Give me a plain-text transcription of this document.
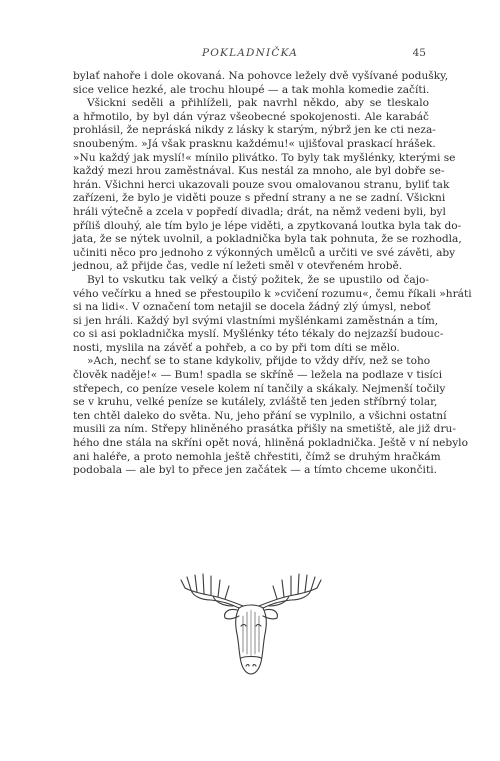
POKLADNIČKA	45
bylať nahoře i dole okovaná. Na pohovce ležely dvě vyšívané podušky,
sice velice hezké, ale trochu hloupé — a tak mohla komedie začíti.
Všickni seděli a přihlíželi, pak navrhl někdo, aby se tleskalo
a hřmotilo, by byl dán výraz všeobecné spokojenosti. Ale karabáč
prohlásil, že nepráská nikdy z lásky k starým, nýbrž jen ke cti neza-
snoubeným. »Já však prasknu každému!« ujišťoval praskací hrášek.
»Nu každý jak myslí!« mínilo plivátko. To byly tak myšlénky, kterými se
každý mezi hrou zaměstnával. Kus nestál za mnoho, ale byl dobře se-
hrán. Všichni herci ukazovali pouze svou omalovanou stranu, byliť tak
zařízeni, že bylo je viděti pouze s přední strany a ne se zadní. Všickni
hráli výtečně a zcela v popředí divadla; drát, na němž vedeni byli, byl
příliš dlouhý, ale tím bylo je lépe viděti, a zpytkovaná loutka byla tak do-
jata, že se nýtek uvolnil, a pokladnička byla tak pohnuta, že se rozhodla,
učiniti něco pro jednoho z výkonných umělců a určiti ve své závěti, aby
jednou, až přijde čas, vedle ní ležeti směl v otevřeném hrobě.
Byl to vskutku tak velký a čistý požitek, že se upustilo od čajo-
vého večírku a hned se přestoupilo k »cvičení rozumu«, čemu říkali »hráti
si na lidi«. V označení tom netajil se docela žádný zlý úmysl, neboť
si jen hráli. Každý byl svými vlastními myšlénkami zaměstnán a tím,
co si asi pokladnička myslí. Myšlénky této tékaly do nejzazší budouc-
nosti, myslila na závěť a pohřeb, a co by při tom díti se mělo.
»Ach, nechť se to stane kdykoliv, přijde to vždy dřív, než se toho
člověk naděje!« — Bum! spadla se skříně — ležela na podlaze v tisíci
střepech, co peníze vesele kolem ní tančily a skákaly. Nejmenší točily
se v kruhu, velké peníze se kutálely, zvláště ten jeden stříbrný tolar,
ten chtěl daleko do světa. Nu, jeho přání se vyplnilo, a všichni ostatní
musili za ním. Střepy hliněného prasátka přišly na smetiště, ale již dru-
hého dne stála na skříni opět nová, hliněná pokladnička. Ještě v ní nebylo
ani haléře, a proto nemohla ještě chřestiti, čímž se druhým hračkám
podobala — ale byl to přece jen začátek — a tímto chceme ukončiti.
